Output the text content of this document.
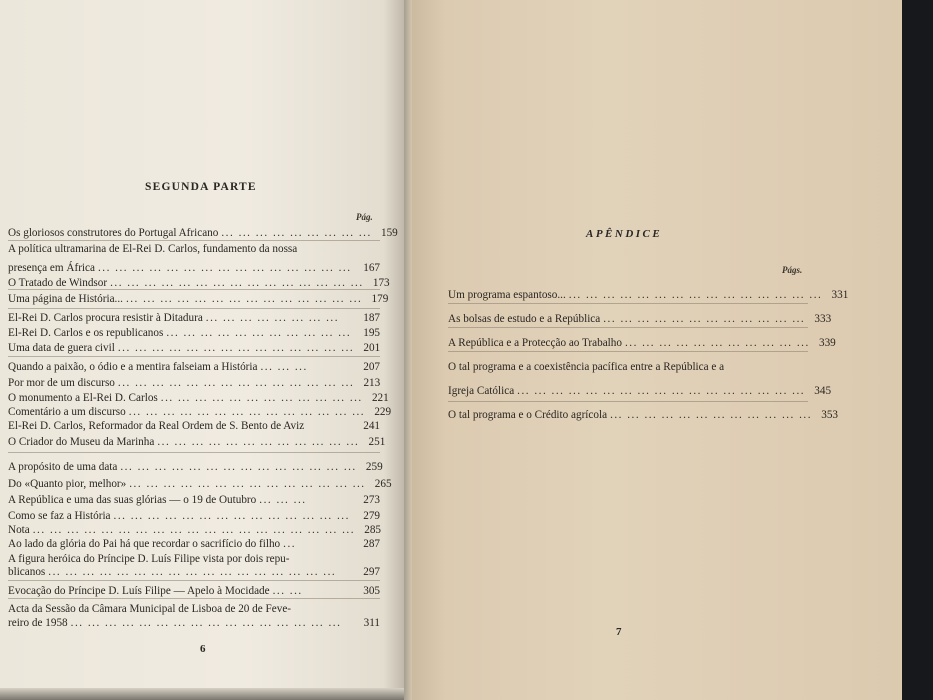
SEGUNDA PARTE
Pág.
Os gloriosos construtores do Portugal Africano ... ... ... ... ... ... ... ... ... 159
A política ultramarina de El-Rei D. Carlos, fundamento da nossa
presença em África ... ... ... ... ... ... ... ... ... ... ... ... ... ... ...	167
O Tratado de Windsor ... ... ... ... ... ... ... ... ... ... ... ... ... ... ... 173
Uma página de História... ... ... ... ... ... ... ... ... ... ... ... ... ... ... 179
El-Rei D. Carlos procura resistir à Ditadura ... ... ... ... ... ... ... ...	187
El-Rei D. Carlos e os republicanos ... ... ... ... ... ... ... ... ... ... ...	195
Uma data de guera civil ... ... ... ... ... ... ... ... ... ... ... ... ... ... 201
Quando a paixão, o ódio e a mentira falseiam a História ... ... ...	207
Por mor de um discurso ... ... ... ... ... ... ... ... ... ... ... ... ... ... 213
O monumento a El-Rei D. Carlos ... ... ... ... ... ... ... ... ... ... ... ... 221
Comentário a um discurso ... ... ... ... ... ... ... ... ... ... ... ... ... ... 229
El-Rei D. Carlos, Reformador da Real Ordem de S. Bento de Aviz	241
O Criador do Museu da Marinha ... ... ... ... ... ... ... ... ... ... ... ... 251
A propósito de uma data ... ... ... ... ... ... ... ... ... ... ... ... ... ... 259
Do «Quanto pior, melhor» ... ... ... ... ... ... ... ... ... ... ... ... ... ... 265
A República e uma das suas glórias — o 19 de Outubro ... ... ...	273
Como se faz a História ... ... ... ... ... ... ... ... ... ... ... ... ... ...	279
Nota ... ... ... ... ... ... ... ... ... ... ... ... ... ... ... ... ... ... ... 285
Ao lado da glória do Pai há que recordar o sacrifício do filho ...	287
A figura heróica do Príncipe D. Luís Filipe vista por dois repu-
blicanos ... ... ... ... ... ... ... ... ... ... ... ... ... ... ... ... ...	297
Evocação do Príncipe D. Luís Filipe — Apelo à Mocidade ... ...	305
Acta da Sessão da Câmara Municipal de Lisboa de 20 de Feve-
reiro de 1958 ... ... ... ... ... ... ... ... ... ... ... ... ... ... ... ...	311
6
APÊNDICE
Págs.
Um programa espantoso... ... ... ... ... ... ... ... ... ... ... ... ... ... ... ... 331
As bolsas de estudo e a República ... ... ... ... ... ... ... ... ... ... ... ... 333
A República e a Protecção ao Trabalho ... ... ... ... ... ... ... ... ... ... ... 339
O tal programa e a coexistência pacífica entre a República e a
Igreja Católica ... ... ... ... ... ... ... ... ... ... ... ... ... ... ... ... ... 345
O tal programa e o Crédito agrícola ... ... ... ... ... ... ... ... ... ... ... ... 353
7
